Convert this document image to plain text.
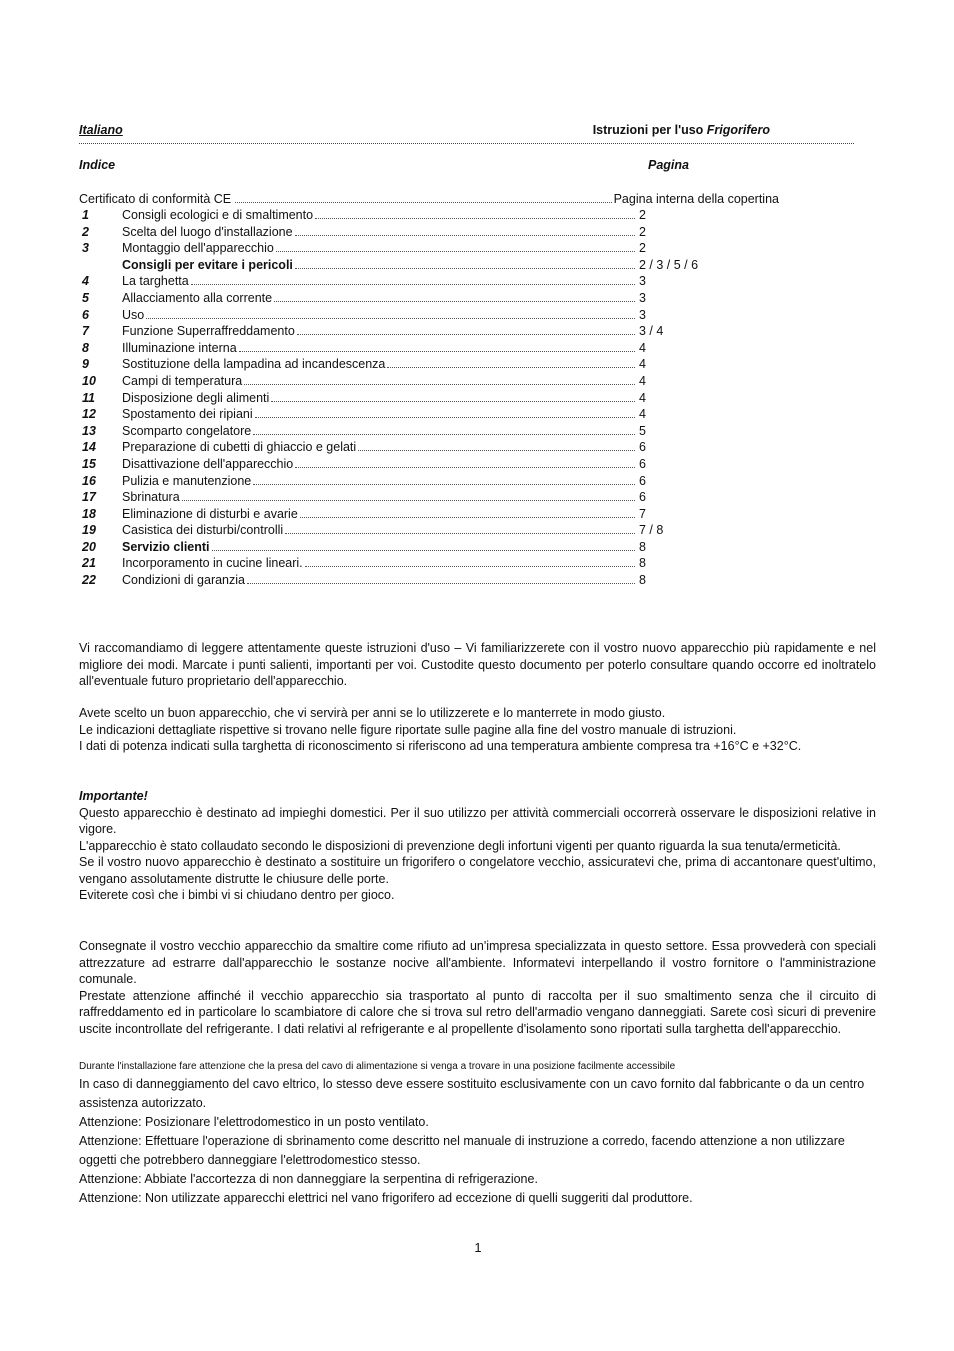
Italiano	Istruzioni per l'uso Frigorifero
Indice	Pagina
Certificato di conformità CE	Pagina interna della copertina
1	Consigli ecologici e di smaltimento	2
2	Scelta del luogo d'installazione	2
3	Montaggio dell'apparecchio	2
Consigli per evitare i pericoli	2 / 3 / 5 / 6
4	La targhetta	3
5	Allacciamento alla corrente	3
6	Uso	3
7	Funzione Superraffreddamento	3 / 4
8	Illuminazione interna	4
9	Sostituzione della lampadina ad incandescenza	4
10	Campi di temperatura	4
11	Disposizione degli alimenti	4
12	Spostamento dei ripiani	4
13	Scomparto congelatore	5
14	Preparazione di cubetti di ghiaccio e gelati	6
15	Disattivazione dell'apparecchio	6
16	Pulizia e manutenzione	6
17	Sbrinatura	6
18	Eliminazione di disturbi e avarie	7
19	Casistica dei disturbi/controlli	7 / 8
20	Servizio clienti	8
21	Incorporamento in cucine lineari.	8
22	Condizioni di garanzia	8

Vi raccomandiamo di leggere attentamente queste istruzioni d'uso – Vi familiarizzerete con il vostro nuovo apparecchio più rapidamente e nel migliore dei modi. Marcate i punti salienti, importanti per voi. Custodite questo documento per poterlo consultare quando occorre ed inoltratelo all'eventuale futuro proprietario dell'apparecchio.

Avete scelto un buon apparecchio, che vi servirà per anni se lo utilizzerete e lo manterrete in modo giusto.

Le indicazioni dettagliate rispettive si trovano nelle figure riportate sulle pagine alla fine del vostro manuale di istruzioni.

I dati di potenza indicati sulla targhetta di riconoscimento si riferiscono ad una temperatura ambiente compresa tra +16°C e +32°C.

Importante!

Questo apparecchio è destinato ad impieghi domestici. Per il suo utilizzo per attività commerciali occorrerà osservare le disposizioni relative in vigore.

L'apparecchio è stato collaudato secondo le disposizioni di prevenzione degli infortuni vigenti per quanto riguarda la sua tenuta/ermeticità.

Se il vostro nuovo apparecchio è destinato a sostituire un frigorifero o congelatore vecchio, assicuratevi che, prima di accantonare quest'ultimo, vengano assolutamente distrutte le chiusure delle porte.

Eviterete così che i bimbi vi si chiudano dentro per gioco.

Consegnate il vostro vecchio apparecchio da smaltire come rifiuto ad un'impresa specializzata in questo settore. Essa provvederà con speciali attrezzature ad estrarre dall'apparecchio le sostanze nocive all'ambiente. Informatevi interpellando il vostro fornitore o l'amministrazione comunale.

Prestate attenzione affinché il vecchio apparecchio sia trasportato al punto di raccolta per il suo smaltimento senza che il circuito di raffreddamento ed in particolare lo scambiatore di calore che si trova sul retro dell'armadio vengano danneggiati. Sarete così sicuri di prevenire uscite incontrollate del refrigerante. I dati relativi al refrigerante e al propellente d'isolamento sono riportati sulla targhetta dell'apparecchio.

Durante l'installazione fare attenzione che la presa del cavo di alimentazione si venga a trovare in una posizione facilmente accessibile

In caso di danneggiamento del cavo eltrico, lo stesso deve essere sostituito esclusivamente con un cavo fornito dal fabbricante o da un centro assistenza autorizzato.

Attenzione: Posizionare l'elettrodomestico in un posto ventilato.

Attenzione: Effettuare l'operazione di sbrinamento come descritto nel manuale di instruzione a corredo, facendo attenzione a non utilizzare oggetti che potrebbero danneggiare l'elettrodomestico stesso.

Attenzione: Abbiate l'accortezza di non danneggiare la serpentina di refrigerazione.

Attenzione: Non utilizzate apparecchi elettrici nel vano frigorifero ad eccezione di quelli suggeriti dal produttore.

1
